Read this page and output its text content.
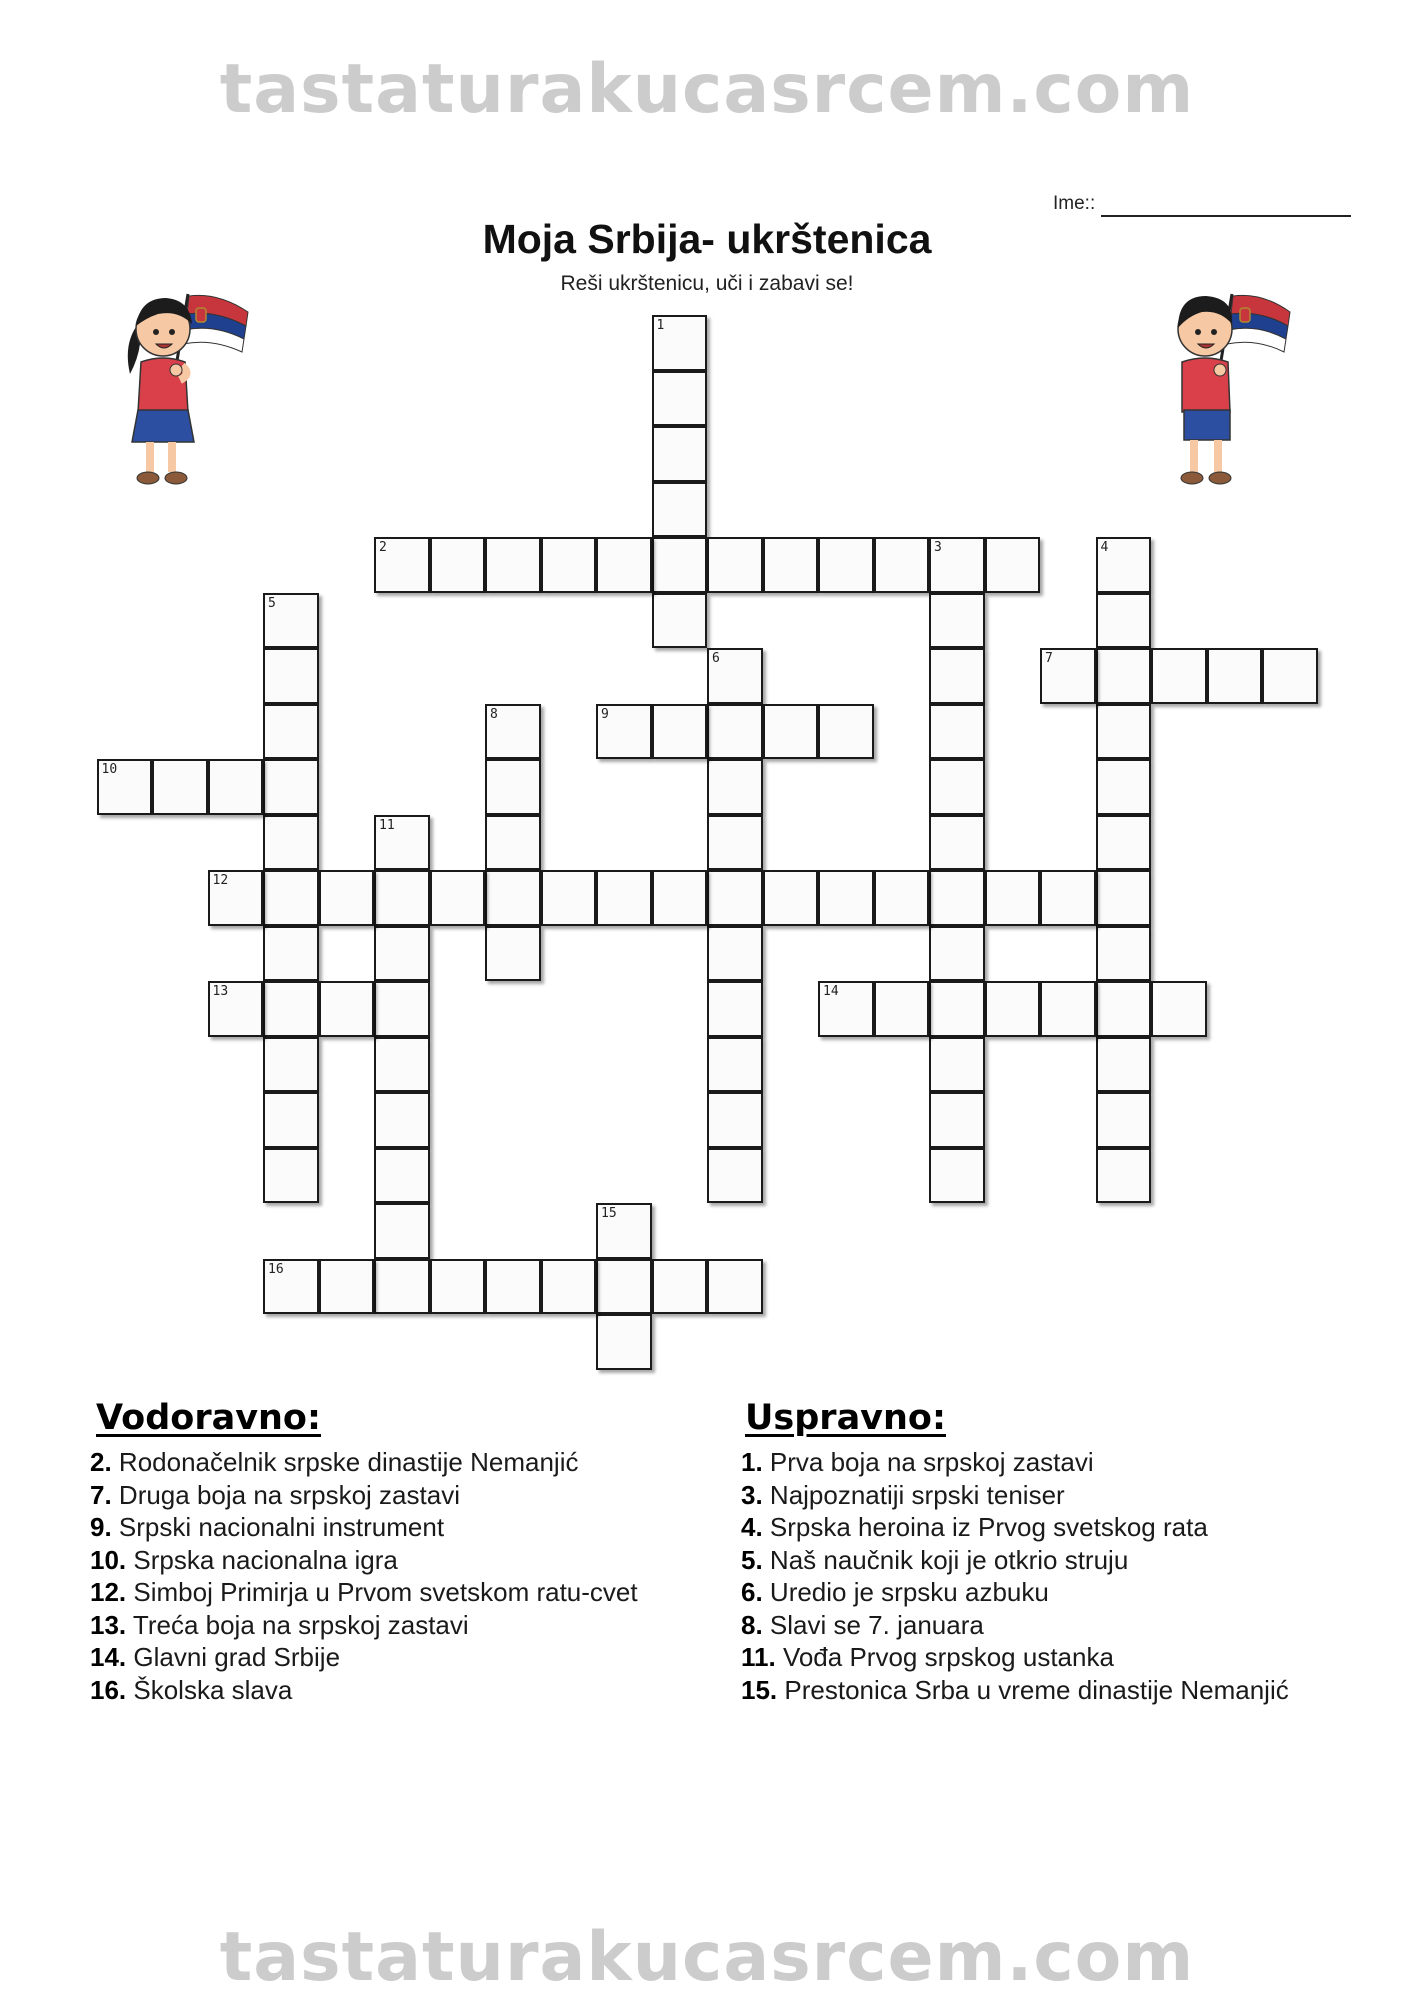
tastaturakucasrcem.com
Ime::
Moja Srbija- ukrštenica
Reši ukrštenicu, uči i zabavi se!
1
2	3	4
5
6	7
8	9
10
11
12
13	14
15
16
Vodoravno:
2. Rodonačelnik srpske dinastije Nemanjić
7. Druga boja na srpskoj zastavi
9. Srpski nacionalni instrument
10. Srpska nacionalna igra
12. Simboj Primirja u Prvom svetskom ratu-cvet
13. Treća boja na srpskoj zastavi
14. Glavni grad Srbije
16. Školska slava
Uspravno:
1. Prva boja na srpskoj zastavi
3. Najpoznatiji srpski teniser
4. Srpska heroina iz Prvog svetskog rata
5. Naš naučnik koji je otkrio struju
6. Uredio je srpsku azbuku
8. Slavi se 7. januara
11. Vođa Prvog srpskog ustanka
15. Prestonica Srba u vreme dinastije Nemanjić
tastaturakucasrcem.com
